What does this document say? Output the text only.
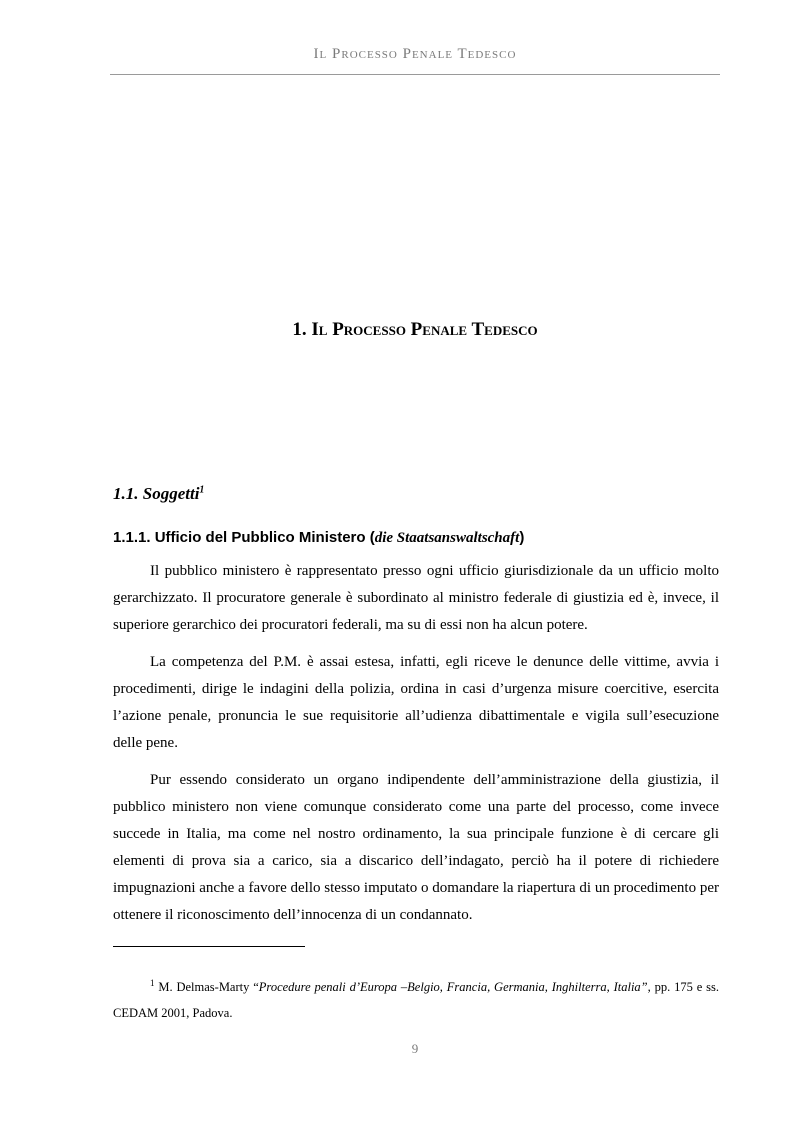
Il Processo Penale Tedesco
1. Il Processo Penale Tedesco
1.1. Soggetti$^1$
1.1.1. Ufficio del Pubblico Ministero (die Staatsanswaltschaft)

Il pubblico ministero è rappresentato presso ogni ufficio giurisdizionale da un ufficio molto gerarchizzato. Il procuratore generale è subordinato al ministro federale di giustizia ed è, invece, il superiore gerarchico dei procuratori federali, ma su di essi non ha alcun potere.

La competenza del P.M. è assai estesa, infatti, egli riceve le denunce delle vittime, avvia i procedimenti, dirige le indagini della polizia, ordina in casi d’urgenza misure coercitive, esercita l’azione penale, pronuncia le sue requisitorie all’udienza dibattimentale e vigila sull’esecuzione delle pene.

Pur essendo considerato un organo indipendente dell’amministrazione della giustizia, il pubblico ministero non viene comunque considerato come una parte del processo, come invece succede in Italia, ma come nel nostro ordinamento, la sua principale funzione è di cercare gli elementi di prova sia a carico, sia a discarico dell’indagato, perciò ha il potere di richiedere impugnazioni anche a favore dello stesso imputato o domandare la riapertura di un procedimento per ottenere il riconoscimento dell’innocenza di un condannato.

$^1$ M. Delmas-Marty “Procedure penali d’Europa –Belgio, Francia, Germania, Inghilterra, Italia”, pp. 175 e ss. CEDAM 2001, Padova.

9
